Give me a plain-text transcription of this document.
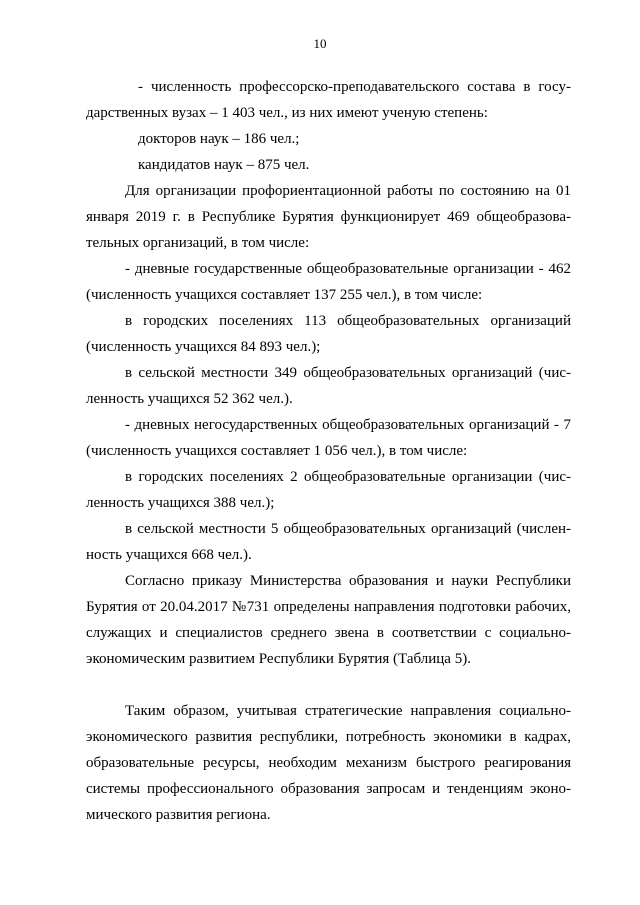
10
- численность профессорско-преподавательского состава в госу-
дарственных вузах – 1 403 чел., из них имеют ученую степень:
докторов наук – 186 чел.;
кандидатов наук – 875 чел.
Для организации профориентационной работы по состоянию на 01
января 2019 г. в Республике Бурятия функционирует 469 общеобразова-
тельных организаций, в том числе:
- дневные государственные общеобразовательные организации - 462
(численность учащихся составляет 137 255 чел.), в том числе:
в городских поселениях 113 общеобразовательных организаций
(численность учащихся 84 893 чел.);
в сельской местности 349 общеобразовательных организаций (чис-
ленность учащихся 52 362 чел.).
- дневных негосударственных общеобразовательных организаций - 7
(численность учащихся составляет 1 056 чел.), в том числе:
в городских поселениях 2 общеобразовательные организации (чис-
ленность учащихся 388 чел.);
в сельской местности 5 общеобразовательных организаций (числен-
ность учащихся 668 чел.).
Согласно приказу Министерства образования и науки Республики
Бурятия от 20.04.2017 №731 определены направления подготовки рабочих,
служащих и специалистов среднего звена в соответствии с социально-
экономическим развитием Республики Бурятия (Таблица 5).
Таким образом, учитывая стратегические направления социально-
экономического развития республики, потребность экономики в кадрах,
образовательные ресурсы, необходим механизм быстрого реагирования
системы профессионального образования запросам и тенденциям эконо-
мического развития региона.
